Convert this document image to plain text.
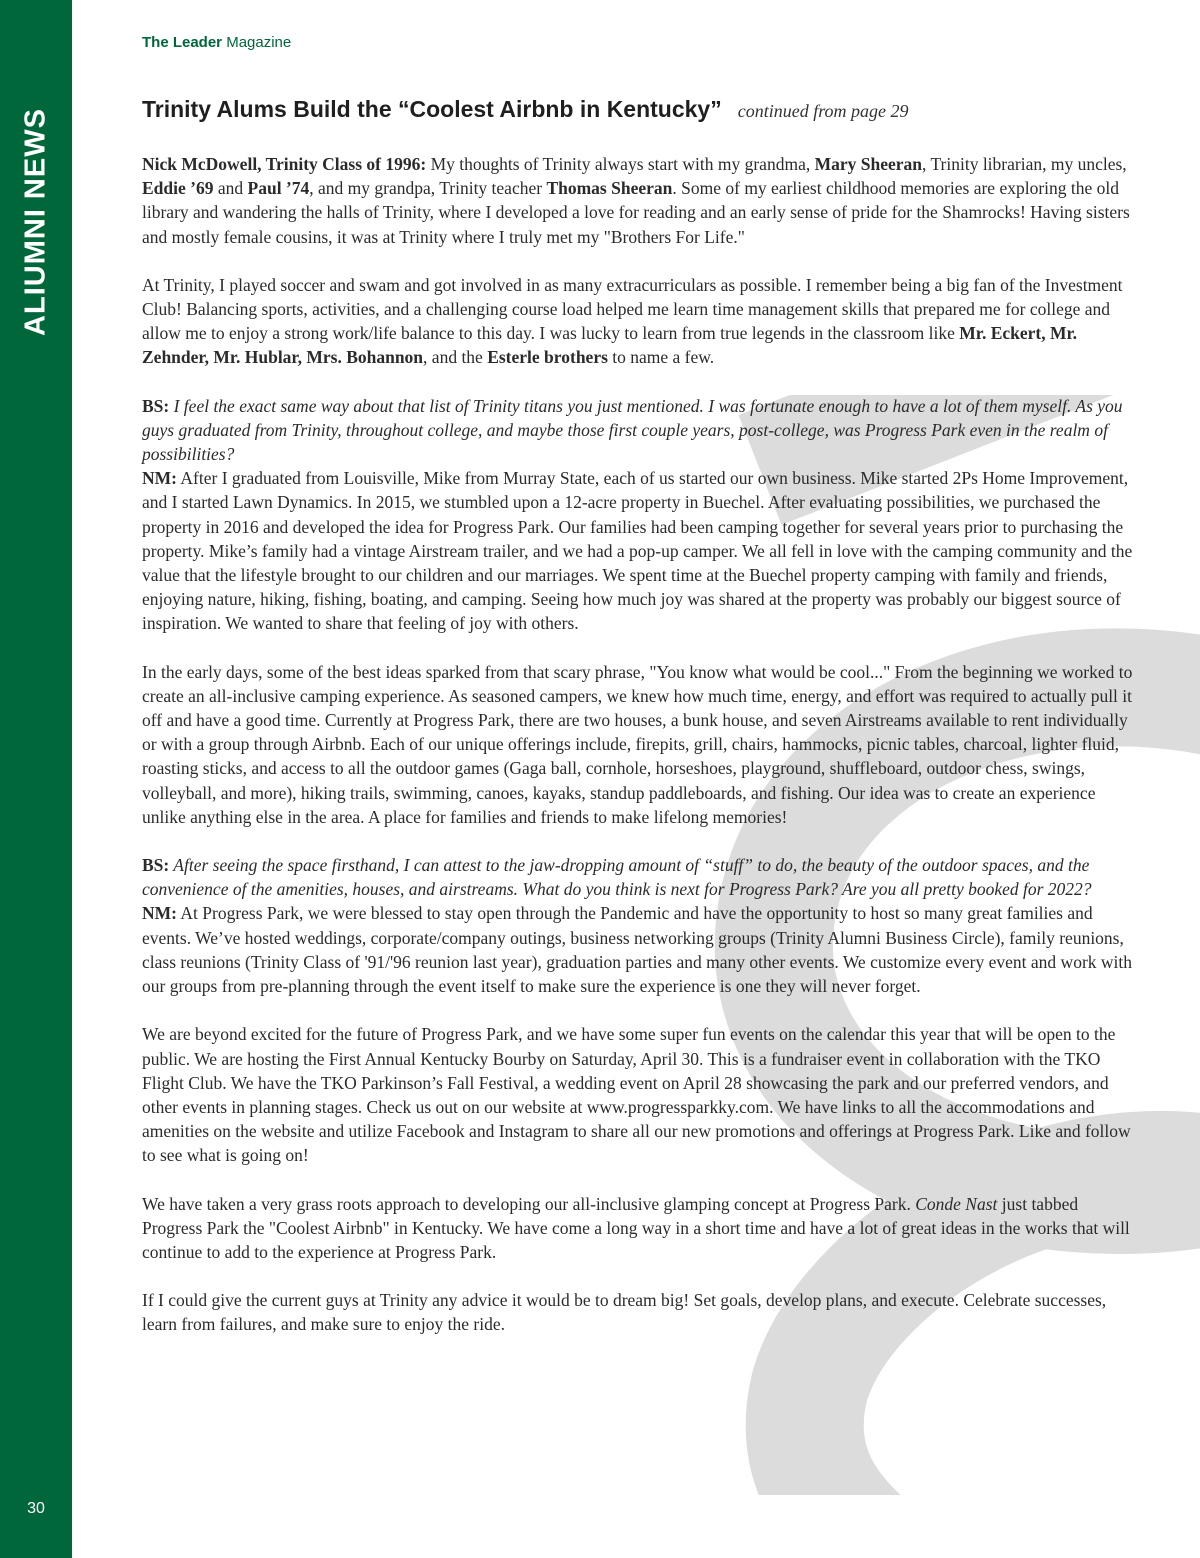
ALIUMNI NEWS
30
The Leader Magazine
Trinity Alums Build the “Coolest Airbnb in Kentucky” continued from page 29

Nick McDowell, Trinity Class of 1996: My thoughts of Trinity always start with my grandma, Mary Sheeran, Trinity librarian, my uncles, Eddie ’69 and Paul ’74, and my grandpa, Trinity teacher Thomas Sheeran. Some of my earliest childhood memories are exploring the old library and wandering the halls of Trinity, where I developed a love for reading and an early sense of pride for the Shamrocks! Having sisters and mostly female cousins, it was at Trinity where I truly met my "Brothers For Life."

At Trinity, I played soccer and swam and got involved in as many extracurriculars as possible. I remember being a big fan of the Investment Club! Balancing sports, activities, and a challenging course load helped me learn time management skills that prepared me for college and allow me to enjoy a strong work/life balance to this day. I was lucky to learn from true legends in the classroom like Mr. Eckert, Mr. Zehnder, Mr. Hublar, Mrs. Bohannon, and the Esterle brothers to name a few.

BS: I feel the exact same way about that list of Trinity titans you just mentioned. I was fortunate enough to have a lot of them myself. As you guys graduated from Trinity, throughout college, and maybe those first couple years, post-college, was Progress Park even in the realm of possibilities?

NM: After I graduated from Louisville, Mike from Murray State, each of us started our own business. Mike started 2Ps Home Improvement, and I started Lawn Dynamics. In 2015, we stumbled upon a 12-acre property in Buechel. After evaluating possibilities, we purchased the property in 2016 and developed the idea for Progress Park. Our families had been camping together for several years prior to purchasing the property. Mike’s family had a vintage Airstream trailer, and we had a pop-up camper. We all fell in love with the camping community and the value that the lifestyle brought to our children and our marriages. We spent time at the Buechel property camping with family and friends, enjoying nature, hiking, fishing, boating, and camping. Seeing how much joy was shared at the property was probably our biggest source of inspiration. We wanted to share that feeling of joy with others.

In the early days, some of the best ideas sparked from that scary phrase, "You know what would be cool..." From the beginning we worked to create an all-inclusive camping experience. As seasoned campers, we knew how much time, energy, and effort was required to actually pull it off and have a good time. Currently at Progress Park, there are two houses, a bunk house, and seven Airstreams available to rent individually or with a group through Airbnb. Each of our unique offerings include, firepits, grill, chairs, hammocks, picnic tables, charcoal, lighter fluid, roasting sticks, and access to all the outdoor games (Gaga ball, cornhole, horseshoes, playground, shuffleboard, outdoor chess, swings, volleyball, and more), hiking trails, swimming, canoes, kayaks, standup paddleboards, and fishing. Our idea was to create an experience unlike anything else in the area. A place for families and friends to make lifelong memories!

BS: After seeing the space firsthand, I can attest to the jaw-dropping amount of “stuff” to do, the beauty of the outdoor spaces, and the convenience of the amenities, houses, and airstreams. What do you think is next for Progress Park? Are you all pretty booked for 2022?

NM: At Progress Park, we were blessed to stay open through the Pandemic and have the opportunity to host so many great families and events. We’ve hosted weddings, corporate/company outings, business networking groups (Trinity Alumni Business Circle), family reunions, class reunions (Trinity Class of '91/'96 reunion last year), graduation parties and many other events. We customize every event and work with our groups from pre-planning through the event itself to make sure the experience is one they will never forget.

We are beyond excited for the future of Progress Park, and we have some super fun events on the calendar this year that will be open to the public. We are hosting the First Annual Kentucky Bourby on Saturday, April 30. This is a fundraiser event in collaboration with the TKO Flight Club. We have the TKO Parkinson’s Fall Festival, a wedding event on April 28 showcasing the park and our preferred vendors, and other events in planning stages. Check us out on our website at www.progressparkky.com. We have links to all the accommodations and amenities on the website and utilize Facebook and Instagram to share all our new promotions and offerings at Progress Park. Like and follow to see what is going on!

We have taken a very grass roots approach to developing our all-inclusive glamping concept at Progress Park. Conde Nast just tabbed Progress Park the "Coolest Airbnb" in Kentucky. We have come a long way in a short time and have a lot of great ideas in the works that will continue to add to the experience at Progress Park.

If I could give the current guys at Trinity any advice it would be to dream big! Set goals, develop plans, and execute. Celebrate successes, learn from failures, and make sure to enjoy the ride.
